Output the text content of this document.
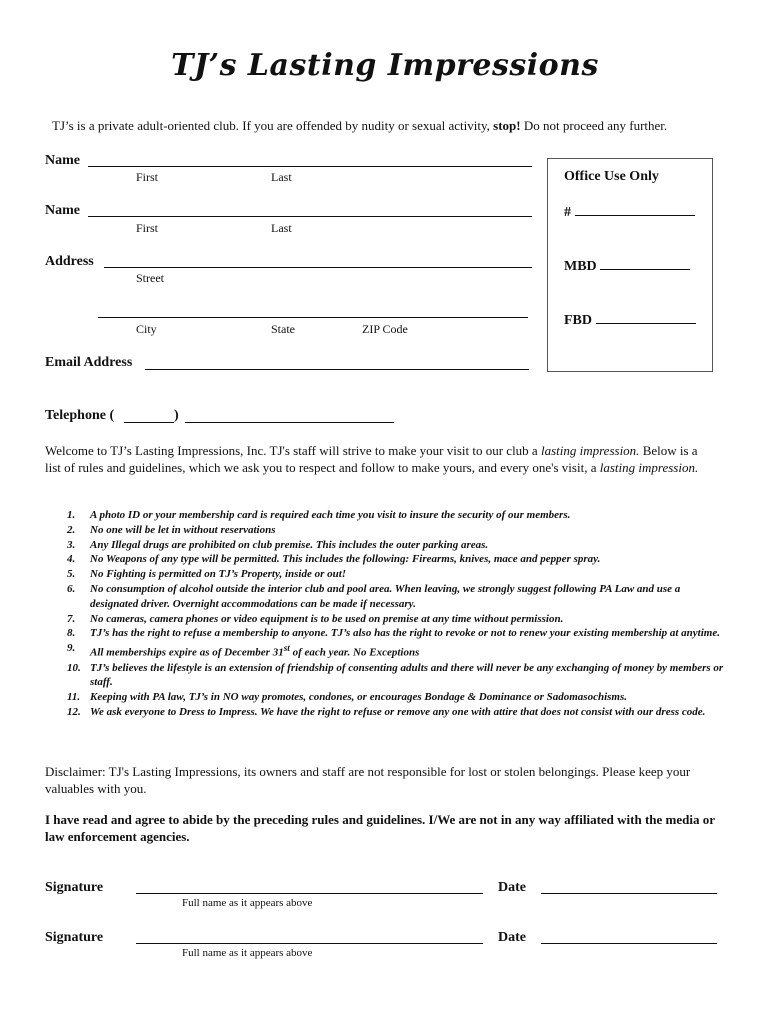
TJ’s Lasting Impressions
TJ’s is a private adult-oriented club. If you are offended by nudity or sexual activity, stop! Do not proceed any further.
Name
First	Last
Name
First	Last
Address
Street
City	State	ZIP Code
Email Address
Telephone (	)
Office Use Only
#
MBD
FBD
Welcome to TJ’s Lasting Impressions, Inc. TJ's staff will strive to make your visit to our club a lasting impression. Below is a list of rules and guidelines, which we ask you to respect and follow to make yours, and every one's visit, a lasting impression.
1. A photo ID or your membership card is required each time you visit to insure the security of our members.
2. No one will be let in without reservations
3. Any Illegal drugs are prohibited on club premise. This includes the outer parking areas.
4. No Weapons of any type will be permitted. This includes the following: Firearms, knives, mace and pepper spray.
5. No Fighting is permitted on TJ’s Property, inside or out!
6. No consumption of alcohol outside the interior club and pool area. When leaving, we strongly suggest following PA Law and use a designated driver. Overnight accommodations can be made if necessary.
7. No cameras, camera phones or video equipment is to be used on premise at any time without permission.
8. TJ’s has the right to refuse a membership to anyone. TJ’s also has the right to revoke or not to renew your existing membership at anytime.
9. All memberships expire as of December 31st of each year. No Exceptions
10. TJ’s believes the lifestyle is an extension of friendship of consenting adults and there will never be any exchanging of money by members or staff.
11. Keeping with PA law, TJ’s in NO way promotes, condones, or encourages Bondage & Dominance or Sadomasochisms.
12. We ask everyone to Dress to Impress. We have the right to refuse or remove any one with attire that does not consist with our dress code.
Disclaimer: TJ's Lasting Impressions, its owners and staff are not responsible for lost or stolen belongings. Please keep your valuables with you.
I have read and agree to abide by the preceding rules and guidelines. I/We are not in any way affiliated with the media or law enforcement agencies.
Signature
Full name as it appears above
Date
Signature
Full name as it appears above
Date
